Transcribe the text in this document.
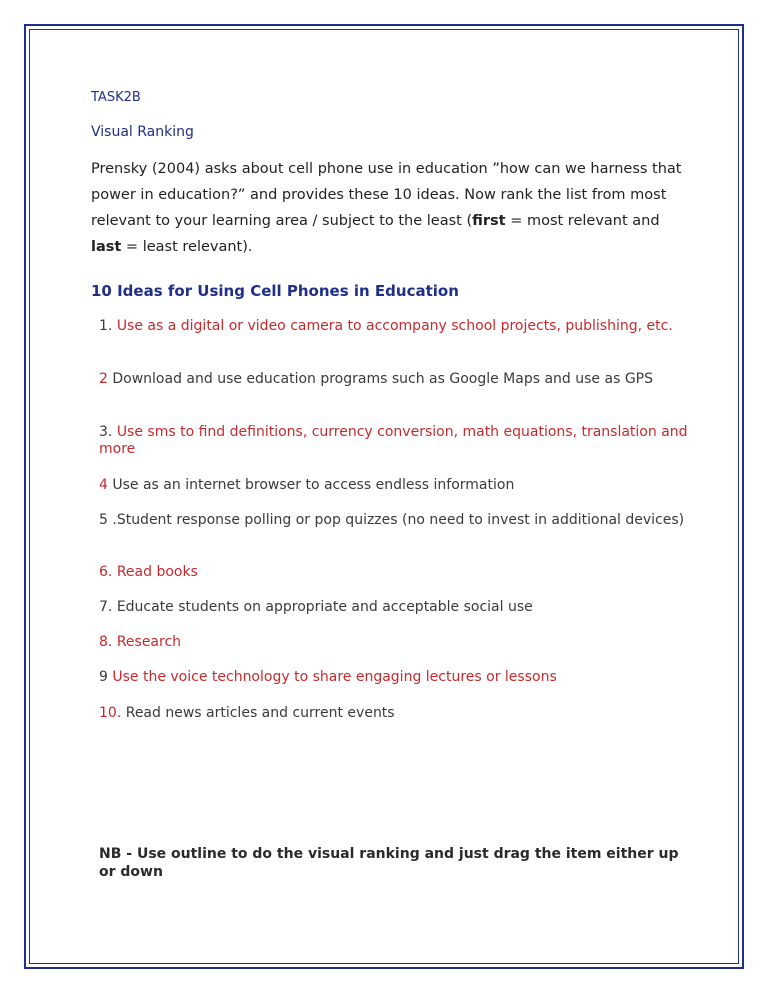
TASK2B
Visual Ranking
Prensky (2004) asks about cell phone use in education ”how can we harness that power in education?” and provides these 10 ideas. Now rank the list from most relevant to your learning area / subject to the least (first = most relevant and last = least relevant).
10 Ideas for Using Cell Phones in Education
1. Use as a digital or video camera to accompany school projects, publishing, etc.
2 Download and use education programs such as Google Maps and use as GPS
3. Use sms to find definitions, currency conversion, math equations, translation and more
4 Use as an internet browser to access endless information
5 .Student response polling or pop quizzes (no need to invest in additional devices)
6. Read books
7. Educate students on appropriate and acceptable social use
8. Research
9 Use the voice technology to share engaging lectures or lessons
10. Read news articles and current events
NB - Use outline to do the visual ranking and just drag the item either up or down
